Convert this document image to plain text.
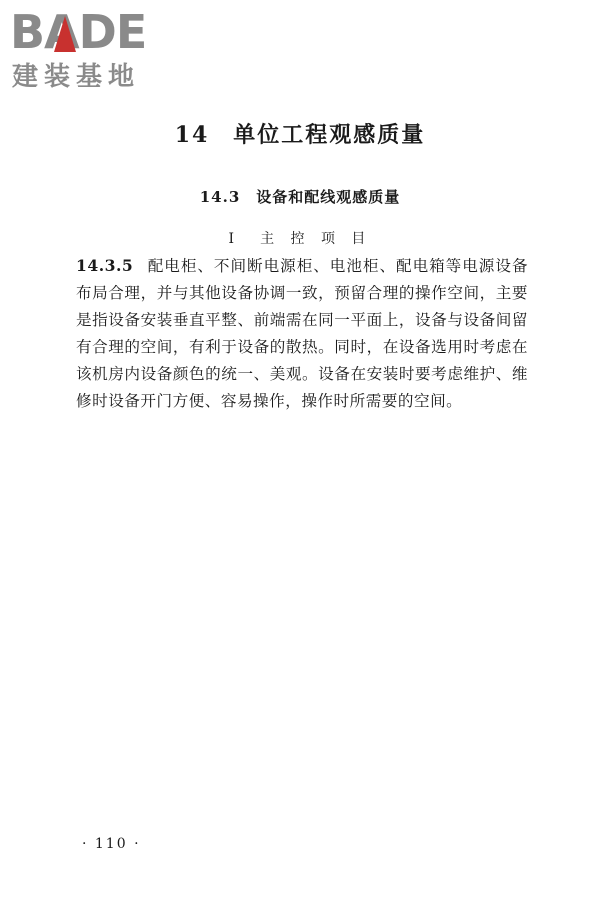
BADE
建装基地
14　单位工程观感质量
14.3　设备和配线观感质量
Ⅰ　主 控 项 目
14.3.5 配电柜、不间断电源柜、电池柜、配电箱等电源设备布局合理，并与其他设备协调一致，预留合理的操作空间，主要是指设备安装垂直平整、前端需在同一平面上，设备与设备间留有合理的空间，有利于设备的散热。同时，在设备选用时考虑在该机房内设备颜色的统一、美观。设备在安装时要考虑维护、维修时设备开门方便、容易操作，操作时所需要的空间。
· 110 ·
